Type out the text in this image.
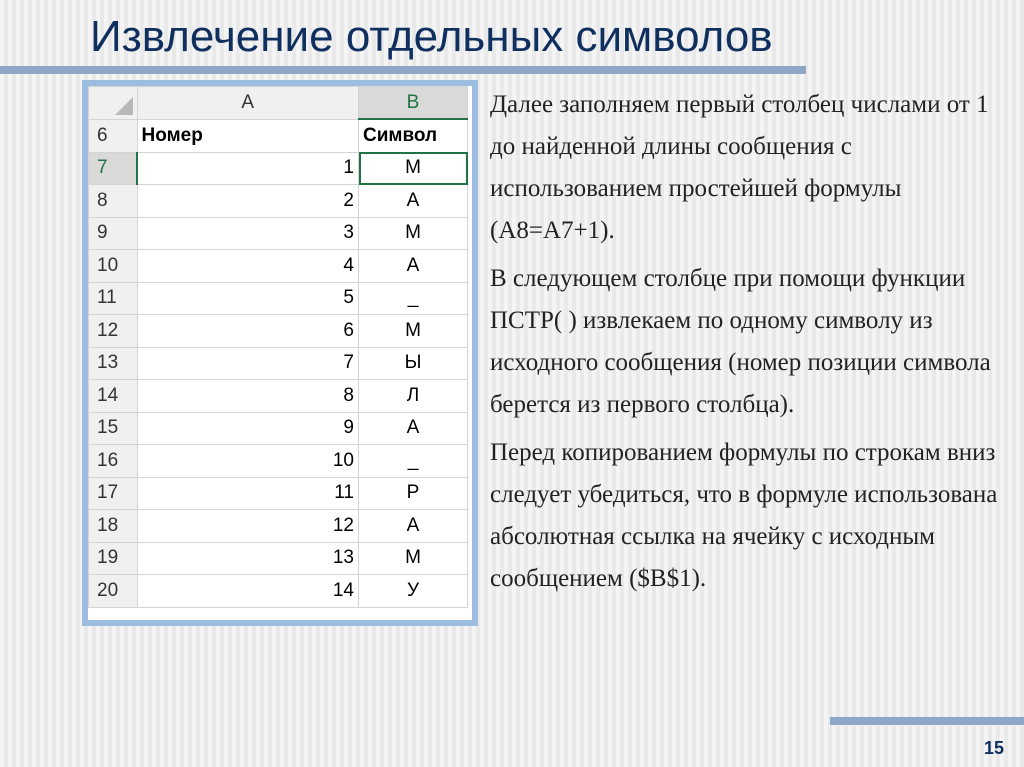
Извлечение отдельных символов
	A	B
6	Номер	Символ
7	1	М
8	2	А
9	3	М
10	4	А
11	5	_
12	6	М
13	7	Ы
14	8	Л
15	9	А
16	10	_
17	11	Р
18	12	А
19	13	М
20	14	У

Далее заполняем первый столбец числами от 1 до найденной длины сообщения с использованием простейшей формулы (А8=А7+1).

В следующем столбце при помощи функции ПСТР( ) извлекаем по одному символу из исходного сообщения (номер позиции символа берется из первого столбца).

Перед копированием формулы по строкам вниз следует убедиться, что в формуле использована абсолютная ссылка на ячейку с исходным сообщением ($B$1).

15
